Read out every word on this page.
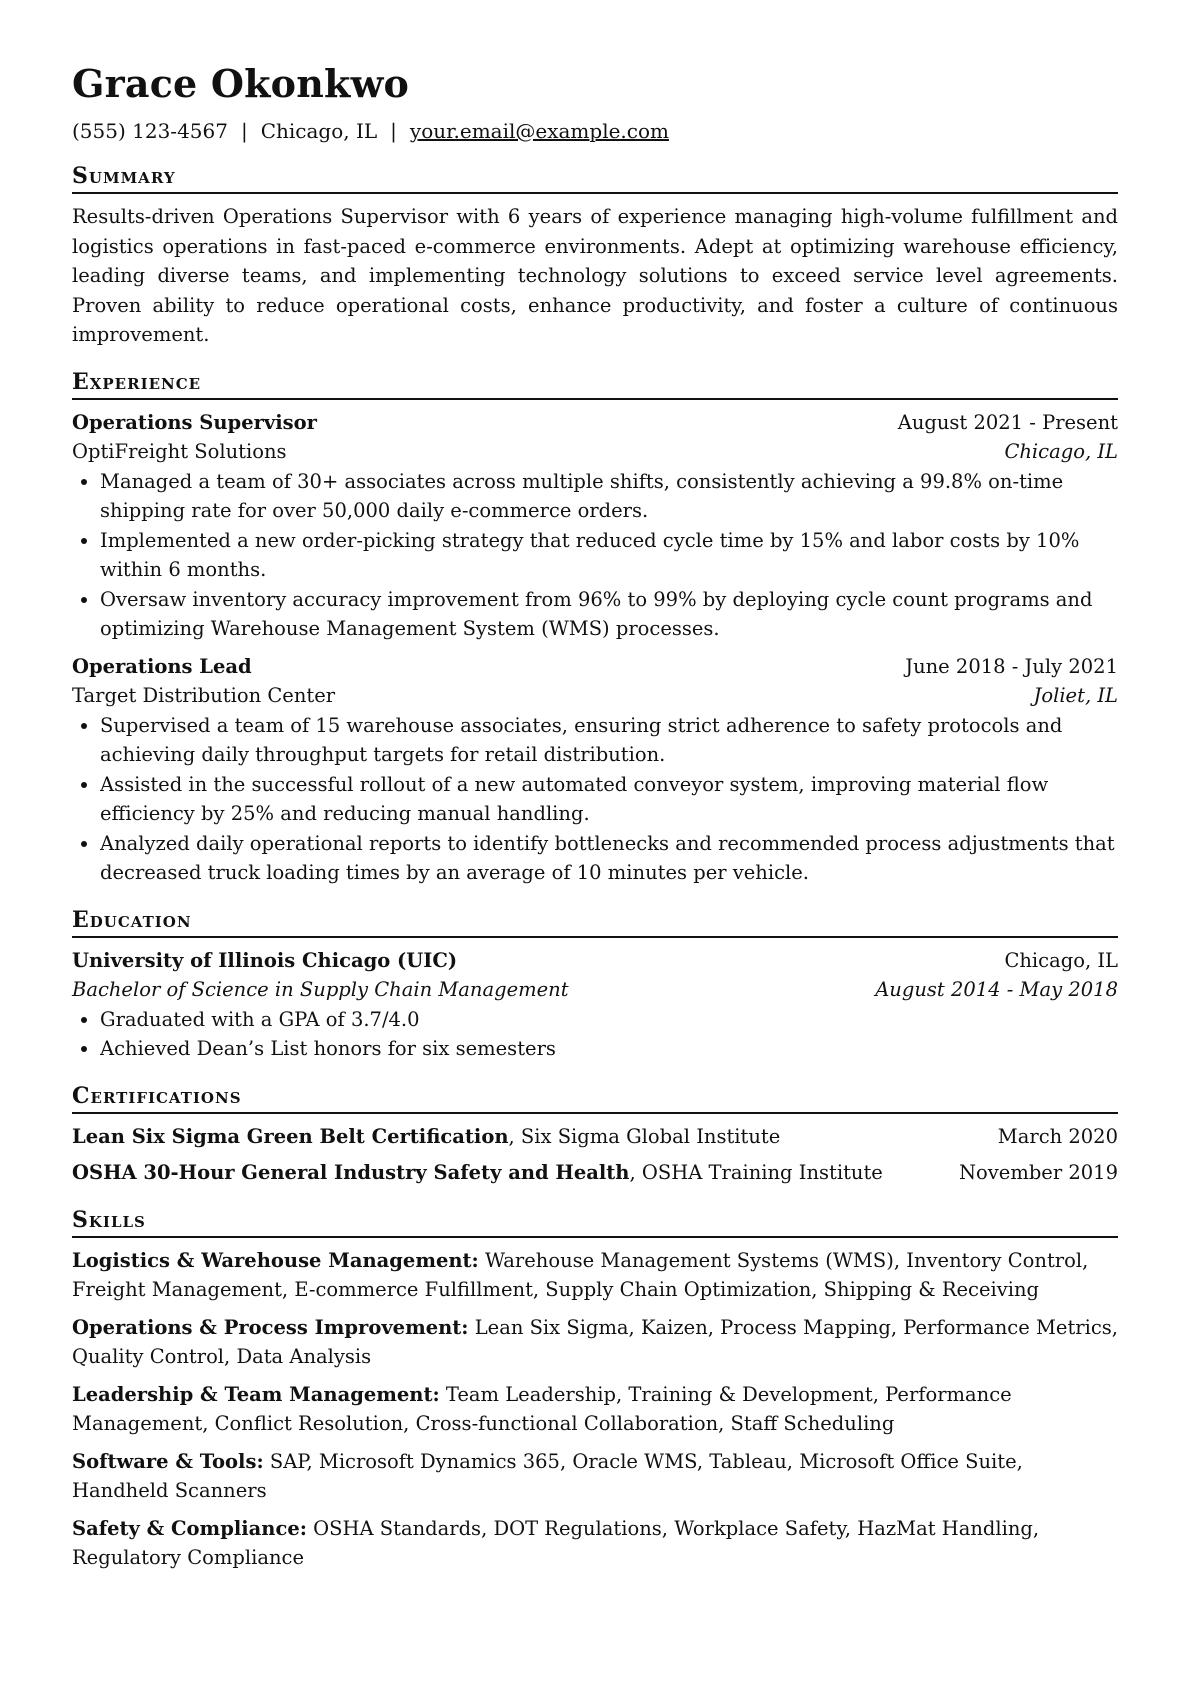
Grace Okonkwo
(555) 123-4567 | Chicago, IL | your.email@example.com
Summary

Results-driven Operations Supervisor with 6 years of experience managing high-volume fulfillment and logistics operations in fast-paced e-commerce environments. Adept at optimizing warehouse efficiency, leading diverse teams, and implementing technology solutions to exceed service level agreements. Proven ability to reduce operational costs, enhance productivity, and foster a culture of continuous improvement.

Experience
Operations Supervisor	August 2021 - Present
OptiFreight Solutions	Chicago, IL
• Managed a team of 30+ associates across multiple shifts, consistently achieving a 99.8% on-time shipping rate for over 50,000 daily e-commerce orders.
• Implemented a new order-picking strategy that reduced cycle time by 15% and labor costs by 10% within 6 months.
• Oversaw inventory accuracy improvement from 96% to 99% by deploying cycle count programs and optimizing Warehouse Management System (WMS) processes.
Operations Lead	June 2018 - July 2021
Target Distribution Center	Joliet, IL
• Supervised a team of 15 warehouse associates, ensuring strict adherence to safety protocols and achieving daily throughput targets for retail distribution.
• Assisted in the successful rollout of a new automated conveyor system, improving material flow efficiency by 25% and reducing manual handling.
• Analyzed daily operational reports to identify bottlenecks and recommended process adjustments that decreased truck loading times by an average of 10 minutes per vehicle.
Education
University of Illinois Chicago (UIC)	Chicago, IL
Bachelor of Science in Supply Chain Management	August 2014 - May 2018
• Graduated with a GPA of 3.7/4.0
• Achieved Dean’s List honors for six semesters
Certifications
Lean Six Sigma Green Belt Certification, Six Sigma Global Institute	March 2020
OSHA 30-Hour General Industry Safety and Health, OSHA Training Institute	November 2019
Skills
Logistics & Warehouse Management: Warehouse Management Systems (WMS), Inventory Control, Freight Management, E-commerce Fulfillment, Supply Chain Optimization, Shipping & Receiving
Operations & Process Improvement: Lean Six Sigma, Kaizen, Process Mapping, Performance Metrics, Quality Control, Data Analysis
Leadership & Team Management: Team Leadership, Training & Development, Performance Management, Conflict Resolution, Cross-functional Collaboration, Staff Scheduling
Software & Tools: SAP, Microsoft Dynamics 365, Oracle WMS, Tableau, Microsoft Office Suite, Handheld Scanners
Safety & Compliance: OSHA Standards, DOT Regulations, Workplace Safety, HazMat Handling, Regulatory Compliance
